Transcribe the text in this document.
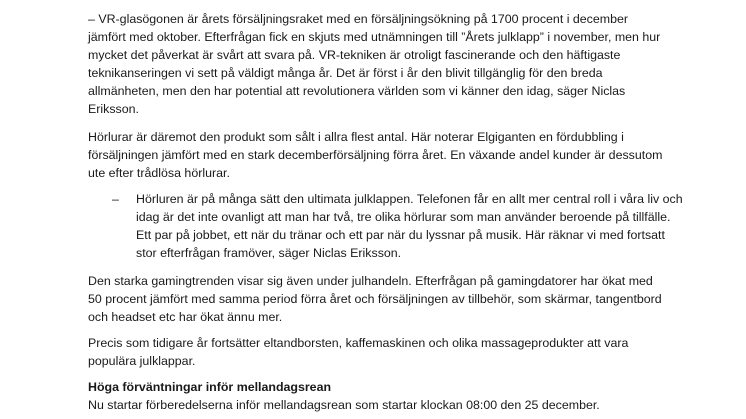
– VR-glasögonen är årets försäljningsraket med en försäljningsökning på 1700 procent i december jämfört med oktober. Efterfrågan fick en skjuts med utnämningen till ”Årets julklapp” i november, men hur mycket det påverkat är svårt att svara på. VR-tekniken är otroligt fascinerande och den häftigaste teknikanseringen vi sett på väldigt många år. Det är först i år den blivit tillgänglig för den breda allmänheten, men den har potential att revolutionera världen som vi känner den idag, säger Niclas Eriksson.

Hörlurar är däremot den produkt som sålt i allra flest antal. Här noterar Elgiganten en fördubbling i försäljningen jämfört med en stark decemberförsäljning förra året. En växande andel kunder är dessutom ute efter trådlösa hörlurar.

–	Hörluren är på många sätt den ultimata julklappen. Telefonen får en allt mer central roll i våra liv och idag är det inte ovanligt att man har två, tre olika hörlurar som man använder beroende på tillfälle. Ett par på jobbet, ett när du tränar och ett par när du lyssnar på musik. Här räknar vi med fortsatt stor efterfrågan framöver, säger Niclas Eriksson.

Den starka gamingtrenden visar sig även under julhandeln. Efterfrågan på gamingdatorer har ökat med 50 procent jämfört med samma period förra året och försäljningen av tillbehör, som skärmar, tangentbord och headset etc har ökat ännu mer.

Precis som tidigare år fortsätter eltandborsten, kaffemaskinen och olika massageprodukter att vara populära julklappar.

Höga förväntningar inför mellandagsrean

Nu startar förberedelserna inför mellandagsrean som startar klockan 08:00 den 25 december.
